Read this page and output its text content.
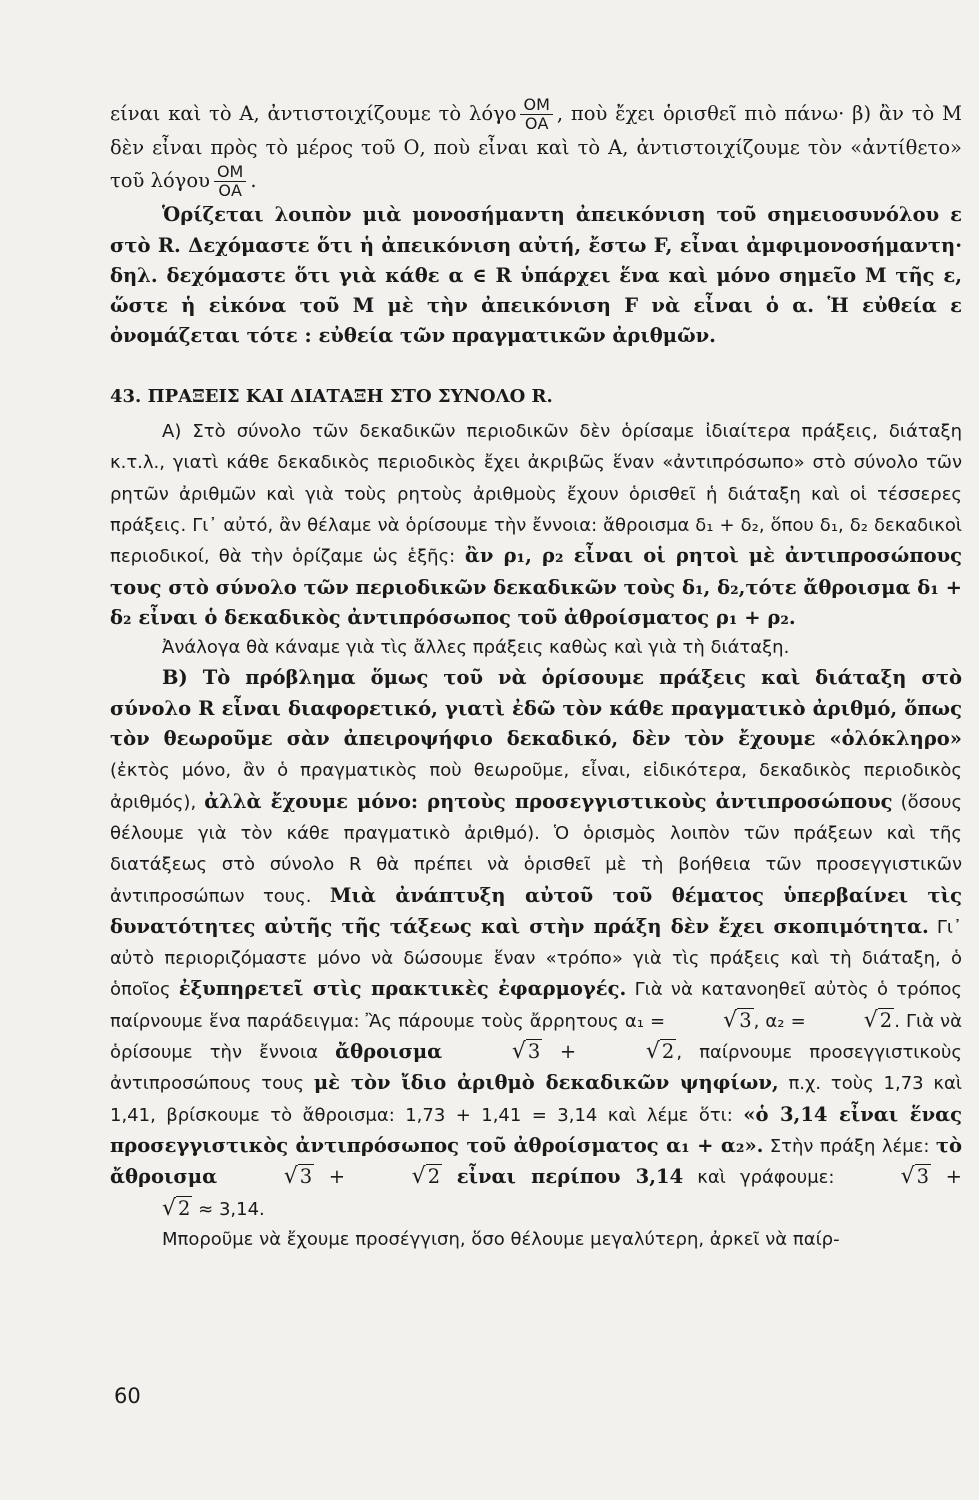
είναι καὶ τὸ Α, ἀντιστοιχίζουμε τὸ λόγο $\frac{OM}{OA}$ , ποὺ ἔχει ὁρισθεῖ πιὸ πάνω· β) ἂν τὸ Μ δὲν εἶναι πρὸς τὸ μέρος τοῦ Ο, ποὺ εἶναι καὶ τὸ Α, ἀντιστοιχίζουμε τὸν «ἀντίθετο» τοῦ λόγου $\frac{OM}{OA}$ .

Ὁρίζεται λοιπὸν μιὰ μονοσήμαντη ἀπεικόνιση τοῦ σημειοσυνόλου ε στὸ R. Δεχόμαστε ὅτι ἡ ἀπεικόνιση αὐτή, ἔστω F, εἶναι ἀμφιμονοσήμαντη· δηλ. δεχόμαστε ὅτι γιὰ κάθε α ∈ R ὑπάρχει ἕνα καὶ μόνο σημεῖο Μ τῆς ε, ὥστε ἡ εἰκόνα τοῦ Μ μὲ τὴν ἀπεικόνιση F νὰ εἶναι ὁ α. Ἡ εὐθεία ε ὀνομάζεται τότε : εὐθεία τῶν πραγματικῶν ἀριθμῶν.

43. ΠΡΑΞΕΙΣ ΚΑΙ ΔΙΑΤΑΞΗ ΣΤΟ ΣΥΝΟΛΟ R.

Α) Στὸ σύνολο τῶν δεκαδικῶν περιοδικῶν δὲν ὁρίσαμε ἰδιαίτερα πράξεις, διάταξη κ.τ.λ., γιατὶ κάθε δεκαδικὸς περιοδικὸς ἔχει ἀκριβῶς ἕναν «ἀντιπρόσωπο» στὸ σύνολο τῶν ρητῶν ἀριθμῶν καὶ γιὰ τοὺς ρητοὺς ἀριθμοὺς ἔχουν ὁρισθεῖ ἡ διάταξη καὶ οἱ τέσσερες πράξεις. Γι᾿ αὐτό, ἂν θέλαμε νὰ ὁρίσουμε τὴν ἔννοια: ἄθροισμα δ₁ + δ₂, ὅπου δ₁, δ₂ δεκαδικοὶ περιοδικοί, θὰ τὴν ὁρίζαμε ὡς ἑξῆς: ἂν ρ₁, ρ₂ εἶναι οἱ ρητοὶ μὲ ἀντιπροσώπους τους στὸ σύνολο τῶν περιοδικῶν δεκαδικῶν τοὺς δ₁, δ₂,τότε ἄθροισμα δ₁ + δ₂ εἶναι ὁ δεκαδικὸς ἀντιπρόσωπος τοῦ ἀθροίσματος ρ₁ + ρ₂.

Ἀνάλογα θὰ κάναμε γιὰ τὶς ἄλλες πράξεις καθὼς καὶ γιὰ τὴ διάταξη.

Β) Τὸ πρόβλημα ὅμως τοῦ νὰ ὁρίσουμε πράξεις καὶ διάταξη στὸ σύνολο R εἶναι διαφορετικό, γιατὶ ἐδῶ τὸν κάθε πραγματικὸ ἀριθμό, ὅπως τὸν θεωροῦμε σὰν ἀπειροψήφιο δεκαδικό, δὲν τὸν ἔχουμε «ὁλόκληρο» (ἐκτὸς μόνο, ἂν ὁ πραγματικὸς ποὺ θεωροῦμε, εἶναι, εἰδικότερα, δεκαδικὸς περιοδικὸς ἀριθμός), ἀλλὰ ἔχουμε μόνο: ρητοὺς προσεγγιστικοὺς ἀντιπροσώπους (ὅσους θέλουμε γιὰ τὸν κάθε πραγματικὸ ἀριθμό). Ὁ ὁρισμὸς λοιπὸν τῶν πράξεων καὶ τῆς διατάξεως στὸ σύνολο R θὰ πρέπει νὰ ὁρισθεῖ μὲ τὴ βοήθεια τῶν προσεγγιστικῶν ἀντιπροσώπων τους. Μιὰ ἀνάπτυξη αὐτοῦ τοῦ θέματος ὑπερβαίνει τὶς δυνατότητες αὐτῆς τῆς τάξεως καὶ στὴν πράξη δὲν ἔχει σκοπιμότητα. Γι᾿ αὐτὸ περιοριζόμαστε μόνο νὰ δώσουμε ἕναν «τρόπο» γιὰ τὶς πράξεις καὶ τὴ διάταξη, ὁ ὁποῖος ἐξυπηρετεῖ στὶς πρακτικὲς ἐφαρμογές. Γιὰ νὰ κατανοηθεῖ αὐτὸς ὁ τρόπος παίρνουμε ἕνα παράδειγμα: Ἂς πάρουμε τοὺς ἄρρητους α₁ = √ 3 , α₂ = √ 2 . Γιὰ νὰ ὁρίσουμε τὴν ἔννοια ἄθροισμα	√ 3 + √ 2 , παίρνουμε προσεγγιστικοὺς ἀντιπροσώπους τους μὲ τὸν ἴδιο ἀριθμὸ δεκαδικῶν ψηφίων, π.χ. τοὺς 1,73 καὶ 1,41, βρίσκουμε τὸ ἄθροισμα: 1,73 + 1,41 = 3,14 καὶ λέμε ὅτι: «ὁ 3,14 εἶναι ἕνας προσεγγιστικὸς ἀντιπρόσωπος τοῦ ἀθροίσματος α₁ + α₂». Στὴν πράξη λέμε: τὸ ἄθροισμα	√ 3 + √ 2 εἶναι περίπου 3,14 καὶ γράφουμε: √ 3 + √ 2 ≈ 3,14.

Μποροῦμε νὰ ἔχουμε προσέγγιση, ὅσο θέλουμε μεγαλύτερη, ἀρκεῖ νὰ παίρ-

60
